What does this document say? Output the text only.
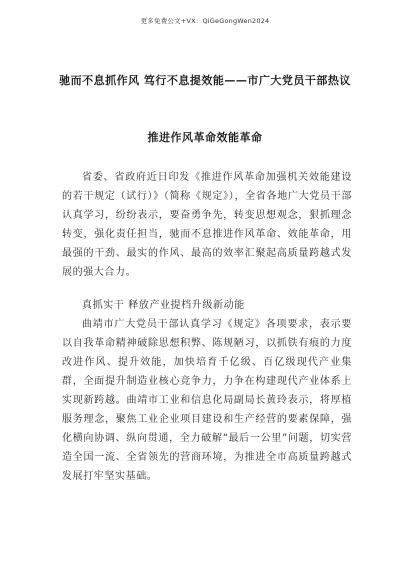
更多免费公文+VX：QiGeGongWen2024
驰而不息抓作风 笃行不息提效能——市广大党员干部热议
推进作风革命效能革命

省委、省政府近日印发《推进作风革命加强机关效能建设的若干规定（试行）》（简称《规定》），全省各地广大党员干部认真学习，纷纷表示，要奋勇争先，转变思想观念，狠抓理念转变，强化责任担当，驰而不息推进作风革命、效能革命，用最强的干劲、最实的作风、最高的效率汇聚起高质量跨越式发展的强大合力。

真抓实干 释放产业提档升级新动能

曲靖市广大党员干部认真学习《规定》各项要求，表示要以自我革命精神破除思想积弊、陈规陋习，以抓铁有痕的力度改进作风、提升效能，加快培育千亿级、百亿级现代产业集群，全面提升制造业核心竞争力，力争在构建现代产业体系上实现新跨越。曲靖市工业和信息化局副局长黄玲表示，将厚植服务理念，聚焦工业企业项目建设和生产经营的要素保障，强化横向协调、纵向贯通，全力破解“最后一公里”问题，切实营造全国一流、全省领先的营商环境，为推进全市高质量跨越式发展打牢坚实基础。
